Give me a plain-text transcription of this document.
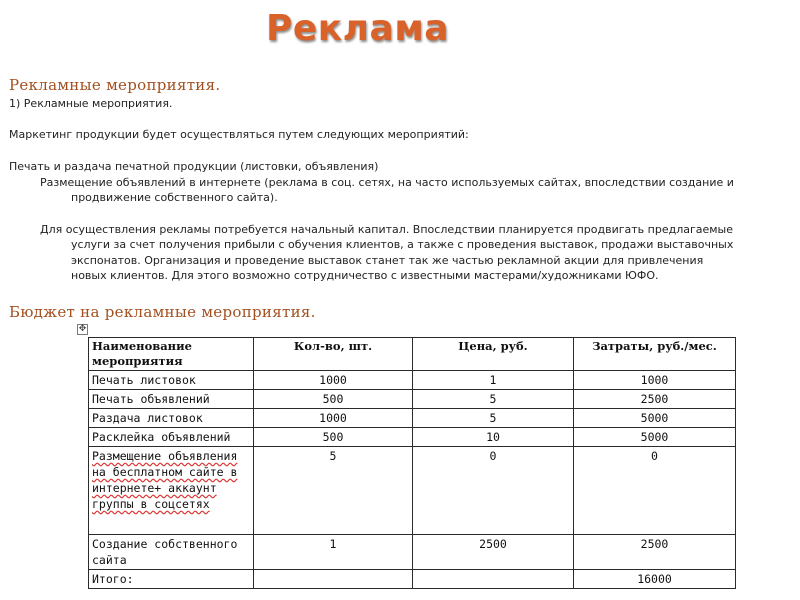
Реклама
Рекламные мероприятия.
1) Рекламные мероприятия.
Маркетинг продукции будет осуществляться путем следующих мероприятий:
Печать и раздача печатной продукции (листовки, объявления)
Размещение объявлений в интернете (реклама в соц. сетях, на часто используемых сайтах, впоследствии создание и продвижение собственного сайта).
Для осуществления рекламы потребуется начальный капитал. Впоследствии планируется продвигать предлагаемые услуги за счет получения прибыли с обучения клиентов, а также с проведения выставок, продажи выставочных экспонатов. Организация и проведение выставок станет так же частью рекламной акции для привлечения новых клиентов. Для этого возможно сотрудничество с известными мастерами/художниками ЮФО.
Бюджет на рекламные мероприятия.
✥
Наименование мероприятия	Кол-во, шт.	Цена, руб.	Затраты, руб./мес.
Печать листовок	1000	1	1000
Печать объявлений	500	5	2500
Раздача листовок	1000	5	5000
Расклейка объявлений	500	10	5000
Размещение объявления на бесплатном сайте в интернете+ аккаунт группы в соцсетях	5	0	0
Создание собственного сайта	1	2500	2500
Итого:			16000
